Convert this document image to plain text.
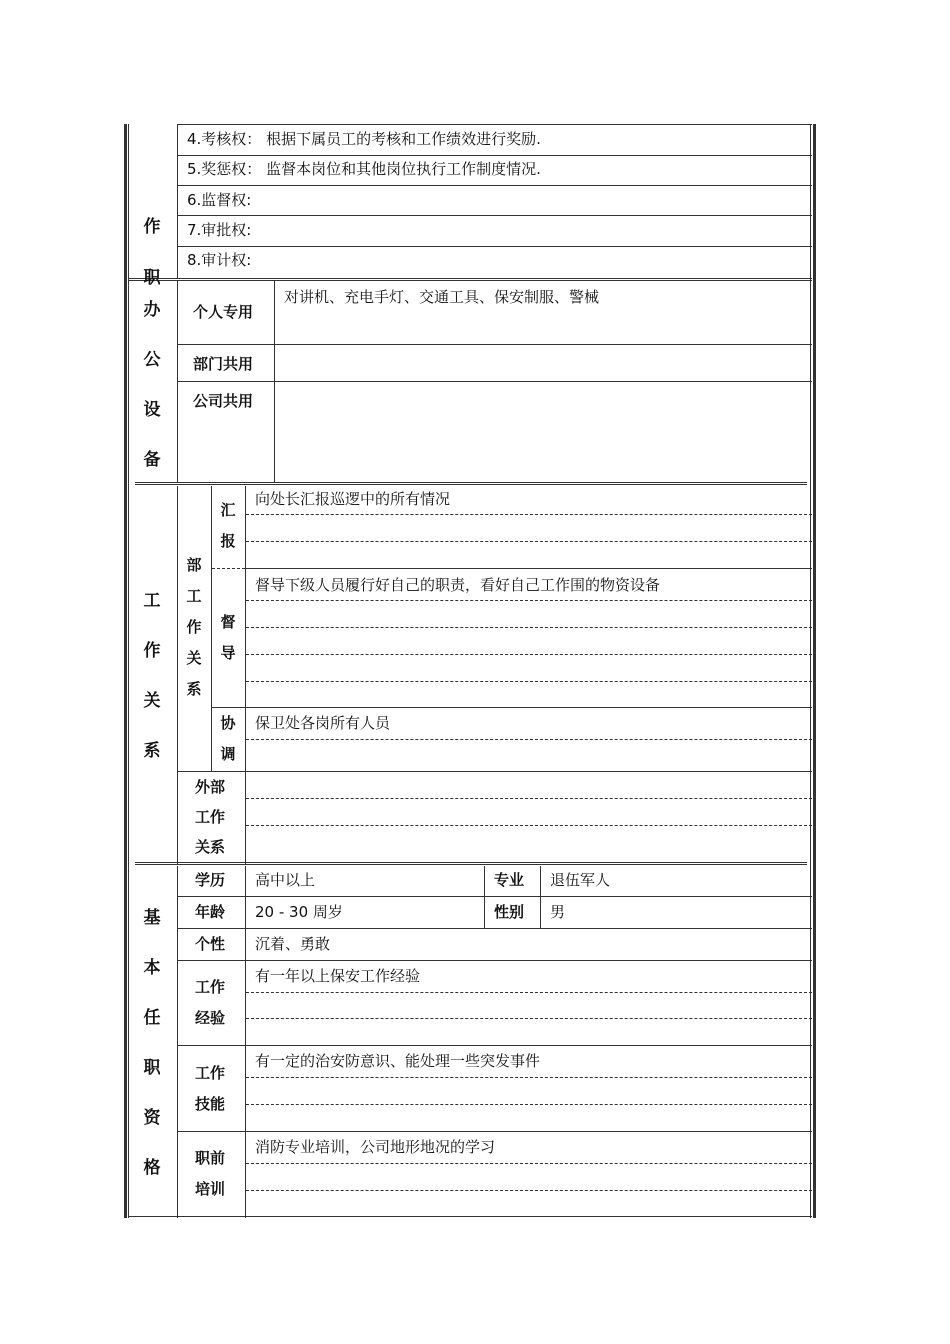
4.考核权： 根据下属员工的考核和工作绩效进行奖励.
5.奖惩权： 监督本岗位和其他岗位执行工作制度情况.
6.监督权:
7.审批权:
8.审计权:
作
职
办
公
设
备
个人专用
对讲机、充电手灯、交通工具、保安制服、警械
部门共用
公司共用
工
作
关
系
部
工
作
关
系
汇
报
向处长汇报巡逻中的所有情况
督
导
督导下级人员履行好自己的职责，看好自己工作围的物资设备
协
调
保卫处各岗所有人员
外部
工作
关系
基
本
任
职
资
格
学历 高中以上	专业 退伍军人
年龄 20 - 30 周岁	性别 男
个性 沉着、勇敢
工作
经验
有一年以上保安工作经验
工作
技能
有一定的治安防意识、能处理一些突发事件
职前
培训
消防专业培训，公司地形地况的学习
